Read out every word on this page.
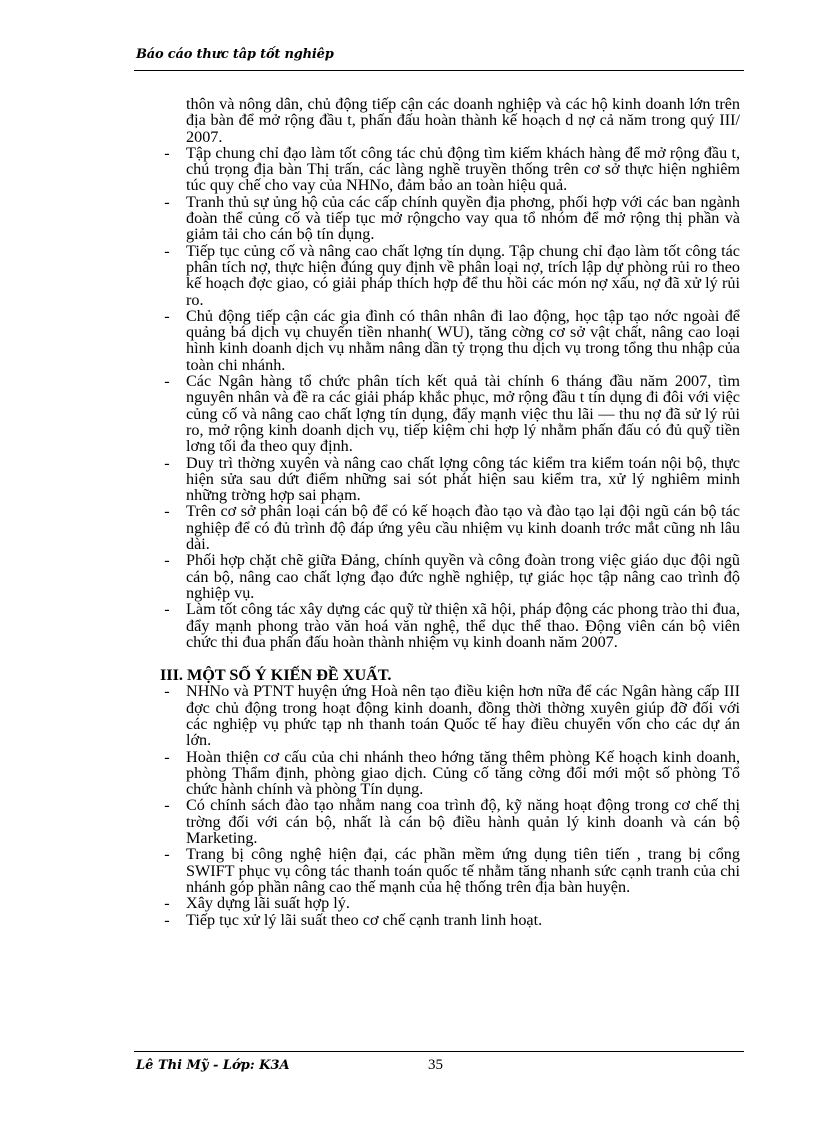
Báo cáo thưc tâp tốt nghiêp
thôn và nông dân, chủ động tiếp cận các doanh nghiệp và các hộ kinh doanh lớn trên địa bàn để mở rộng đầu t, phấn đấu hoàn thành kế hoạch d nợ cả năm trong quý III/ 2007.
- Tập chung chỉ đạo làm tốt công tác chủ động tìm kiếm khách hàng để mở rộng đầu t, chú trọng địa bàn Thị trấn, các làng nghề truyền thống trên cơ sở thực hiện nghiêm túc quy chế cho vay của NHNo, đảm bảo an toàn hiệu quả.
- Tranh thủ sự ủng hộ của các cấp chính quyền địa phơng, phối hợp với các ban ngành đoàn thể củng cố và tiếp tục mở rộngcho vay qua tổ nhóm để mở rộng thị phần và giảm tải cho cán bộ tín dụng.
- Tiếp tục củng cố và nâng cao chất lợng tín dụng. Tập chung chỉ đạo làm tốt công tác phân tích nợ, thực hiện đúng quy định về phân loại nợ, trích lập dự phòng rủi ro theo kế hoạch đợc giao, có giải pháp thích hợp để thu hồi các món nợ xấu, nợ đã xử lý rủi ro.
- Chủ động tiếp cận các gia đình có thân nhân đi lao động, học tập tạo nớc ngoài để quảng bá dịch vụ chuyển tiền nhanh( WU), tăng cờng cơ sở vật chất, nâng cao loại hình kinh doanh dịch vụ nhằm nâng dần tỷ trọng thu dịch vụ trong tổng thu nhập của toàn chi nhánh.
- Các Ngân hàng tổ chức phân tích kết quả tài chính 6 tháng đầu năm 2007, tìm nguyên nhân và đề ra các giải pháp khắc phục, mở rộng đầu t tín dụng đi đôi với việc củng cố và nâng cao chất lợng tín dụng, đẩy mạnh việc thu lãi — thu nợ đã sử lý rủi ro, mở rộng kinh doanh dịch vụ, tiếp kiệm chi hợp lý nhằm phấn đấu có đủ quỹ tiền lơng tối đa theo quy định.
- Duy trì thờng xuyên và nâng cao chất lợng công tác kiểm tra kiểm toán nội bộ, thực hiện sửa sau dứt điểm những sai sót phát hiện sau kiểm tra, xử lý nghiêm minh những trờng hợp sai phạm.
- Trên cơ sở phân loại cán bộ để có kế hoạch đào tạo và đào tạo lại đội ngũ cán bộ tác nghiệp để có đủ trình độ đáp ứng yêu cầu nhiệm vụ kinh doanh trớc mắt cũng nh lâu dài.
- Phối hợp chặt chẽ giữa Đảng, chính quyền và công đoàn trong việc giáo dục đội ngũ cán bộ, nâng cao chất lợng đạo đức nghề nghiệp, tự giác học tập nâng cao trình độ nghiệp vụ.
- Làm tốt công tác xây dựng các quỹ từ thiện xã hội, pháp động các phong trào thi đua, đẩy mạnh phong trào văn hoá văn nghệ, thể dục thể thao. Động viên cán bộ viên chức thi đua phấn đấu hoàn thành nhiệm vụ kinh doanh năm 2007.
III. MỘT SỐ Ý KIẾN ĐỀ XUẤT.
- NHNo và PTNT huyện ứng Hoà nên tạo điều kiện hơn nữa để các Ngân hàng cấp III đợc chủ động trong hoạt động kinh doanh, đồng thời thờng xuyên giúp đỡ đối với các nghiệp vụ phức tạp nh thanh toán Quốc tế hay điều chuyển vốn cho các dự án lớn.
- Hoàn thiện cơ cấu của chi nhánh theo hớng tăng thêm phòng Kế hoạch kinh doanh, phòng Thẩm định, phòng giao dịch. Củng cố tăng cờng đổi mới một số phòng Tổ chức hành chính và phòng Tín dụng.
- Có chính sách đào tạo nhằm nang coa trình độ, kỹ năng hoạt động trong cơ chế thị trờng đối với cán bộ, nhất là cán bộ điều hành quản lý kinh doanh và cán bộ Marketing.
- Trang bị công nghệ hiện đại, các phần mềm ứng dụng tiên tiến , trang bị cổng SWIFT phục vụ công tác thanh toán quốc tế nhằm tăng nhanh sức cạnh tranh của chi nhánh góp phần nâng cao thế mạnh của hệ thống trên địa bàn huyện.
- Xây dựng lãi suất hợp lý.
- Tiếp tục xử lý lãi suất theo cơ chế cạnh tranh linh hoạt.
Lê Thi Mỹ - Lớp: K3A	35
